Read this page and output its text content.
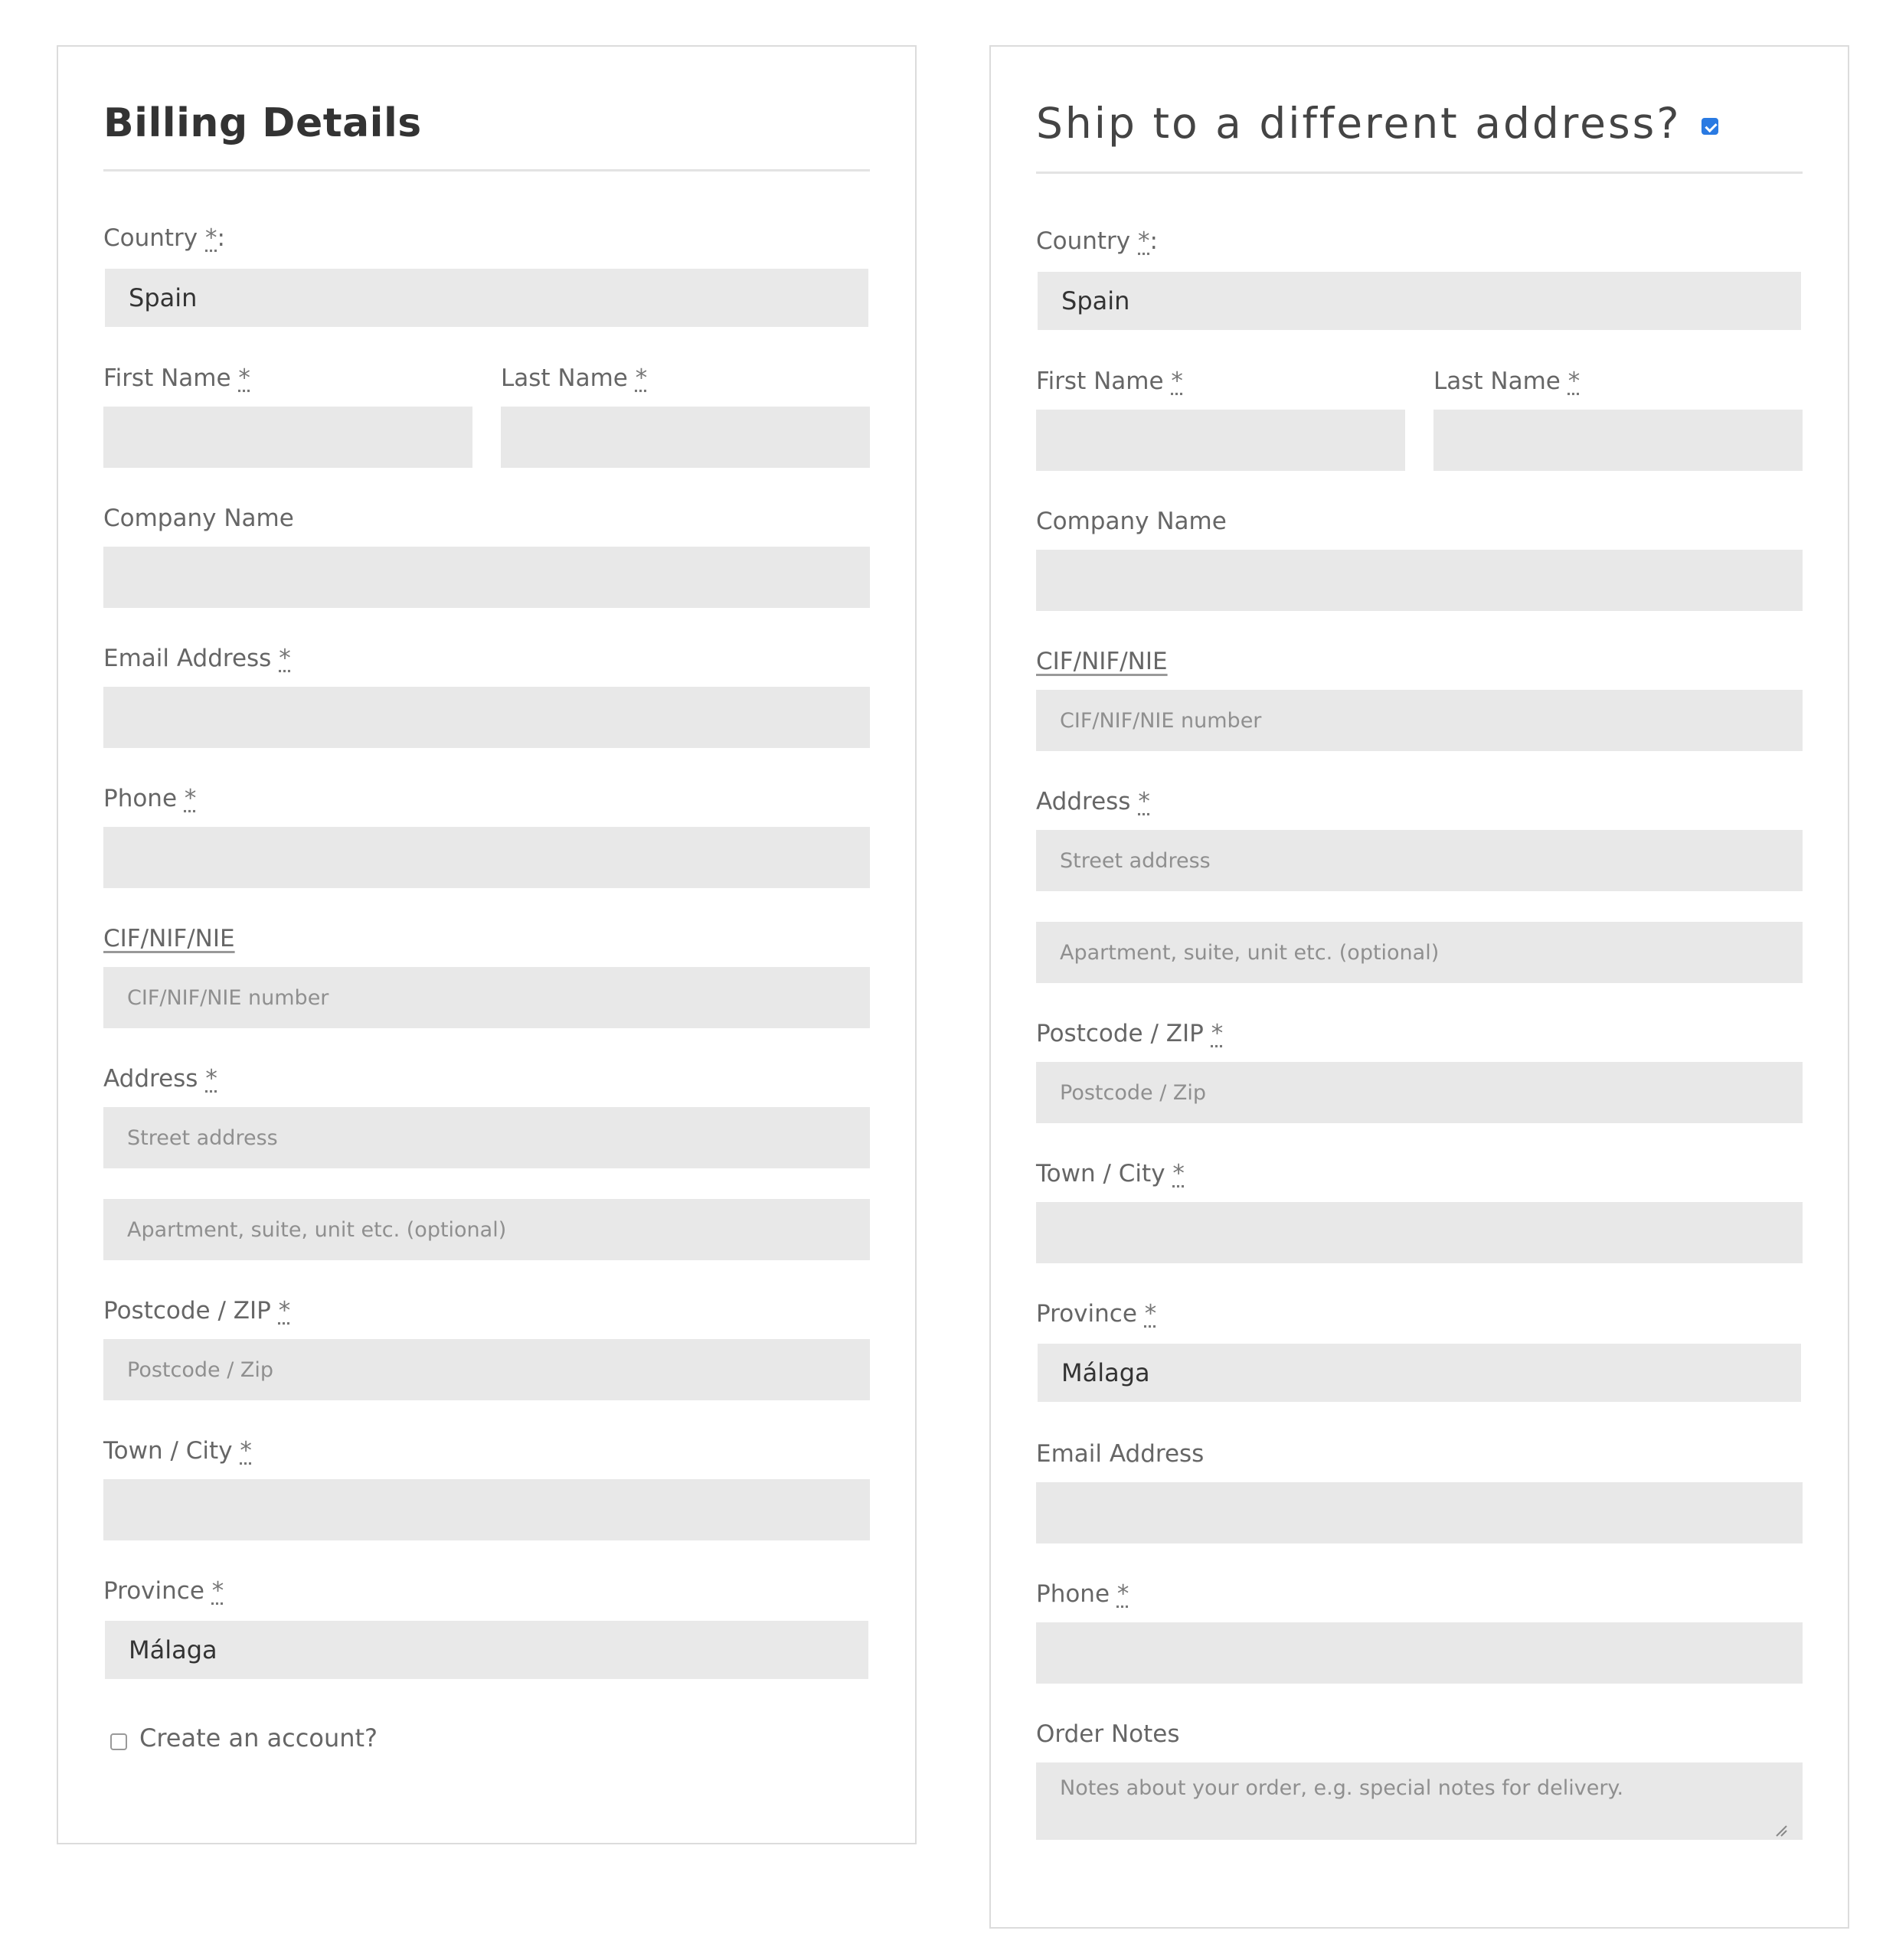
Billing Details
Country *:
Spain
First Name *	Last Name *
Company Name
Email Address *
Phone *
CIF/NIF/NIE
CIF/NIF/NIE number
Address *
Street address
Apartment, suite, unit etc. (optional)
Postcode / ZIP *
Postcode / Zip
Town / City *
Province *
Málaga
Create an account?
Ship to a different address?
Country *:
Spain
First Name *	Last Name *
Company Name
CIF/NIF/NIE
CIF/NIF/NIE number
Address *
Street address
Apartment, suite, unit etc. (optional)
Postcode / ZIP *
Postcode / Zip
Town / City *
Province *
Málaga
Email Address
Phone *
Order Notes
Notes about your order, e.g. special notes for delivery.
